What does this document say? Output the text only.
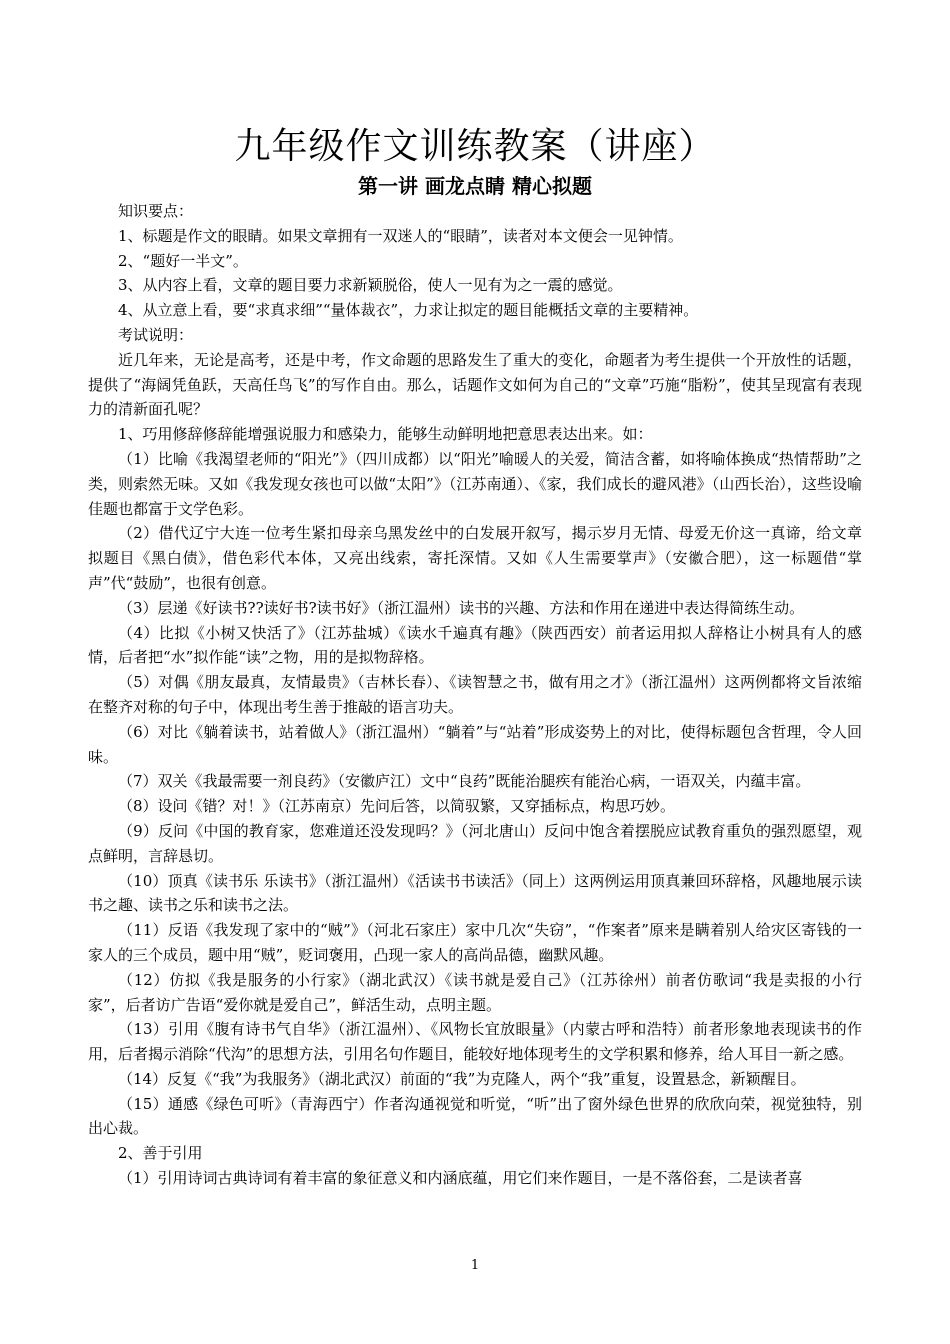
九年级作文训练教案（讲座）
第一讲 画龙点睛 精心拟题

知识要点：

1、标题是作文的眼睛。如果文章拥有一双迷人的“眼睛”，读者对本文便会一见钟情。

2、“题好一半文”。

3、从内容上看，文章的题目要力求新颖脱俗，使人一见有为之一震的感觉。

4、从立意上看，要“求真求细”“量体裁衣”，力求让拟定的题目能概括文章的主要精神。

考试说明：

近几年来，无论是高考，还是中考，作文命题的思路发生了重大的变化，命题者为考生提供一个开放性的话题，提供了“海阔凭鱼跃，天高任鸟飞”的写作自由。那么，话题作文如何为自己的“文章”巧施“脂粉”，使其呈现富有表现力的清新面孔呢？

1、巧用修辞修辞能增强说服力和感染力，能够生动鲜明地把意思表达出来。如：

（1）比喻《我渴望老师的“阳光”》（四川成都）以“阳光”喻暖人的关爱，简洁含蓄，如将喻体换成“热情帮助”之类，则索然无味。又如《我发现女孩也可以做“太阳”》（江苏南通）、《家，我们成长的避风港》（山西长治），这些设喻佳题也都富于文学色彩。

（2）借代辽宁大连一位考生紧扣母亲乌黑发丝中的白发展开叙写，揭示岁月无情、母爱无价这一真谛，给文章拟题目《黑白债》，借色彩代本体，又亮出线索，寄托深情。又如《人生需要掌声》（安徽合肥），这一标题借“掌声”代“鼓励”，也很有创意。

（3）层递《好读书??读好书?读书好》（浙江温州）读书的兴趣、方法和作用在递进中表达得简练生动。

（4）比拟《小树又快活了》（江苏盐城）《读水千遍真有趣》（陕西西安）前者运用拟人辞格让小树具有人的感情，后者把“水”拟作能“读”之物，用的是拟物辞格。

（5）对偶《朋友最真，友情最贵》（吉林长春）、《读智慧之书，做有用之才》（浙江温州）这两例都将文旨浓缩在整齐对称的句子中，体现出考生善于推敲的语言功夫。

（6）对比《躺着读书，站着做人》（浙江温州）“躺着”与“站着”形成姿势上的对比，使得标题包含哲理，令人回味。

（7）双关《我最需要一剂良药》（安徽庐江）文中“良药”既能治腿疾有能治心病，一语双关，内蕴丰富。

（8）设问《错？对！》（江苏南京）先问后答，以简驭繁，又穿插标点，构思巧妙。

（9）反问《中国的教育家，您难道还没发现吗？》（河北唐山）反问中饱含着摆脱应试教育重负的强烈愿望，观点鲜明，言辞恳切。

（10）顶真《读书乐 乐读书》（浙江温州）《活读书书读活》（同上）这两例运用顶真兼回环辞格，风趣地展示读书之趣、读书之乐和读书之法。

（11）反语《我发现了家中的“贼”》（河北石家庄）家中几次“失窃”，“作案者”原来是瞒着别人给灾区寄钱的一家人的三个成员，题中用“贼”，贬词褒用，凸现一家人的高尚品德，幽默风趣。

（12）仿拟《我是服务的小行家》（湖北武汉）《读书就是爱自己》（江苏徐州）前者仿歌词“我是卖报的小行家”，后者访广告语“爱你就是爱自己”，鲜活生动，点明主题。

（13）引用《腹有诗书气自华》（浙江温州）、《风物长宜放眼量》（内蒙古呼和浩特）前者形象地表现读书的作用，后者揭示消除“代沟”的思想方法，引用名句作题目，能较好地体现考生的文学积累和修养，给人耳目一新之感。

（14）反复《“我”为我服务》（湖北武汉）前面的“我”为克隆人，两个“我”重复，设置悬念，新颖醒目。

（15）通感《绿色可听》（青海西宁）作者沟通视觉和听觉，“听”出了窗外绿色世界的欣欣向荣，视觉独特，别出心裁。

2、善于引用

（1）引用诗词古典诗词有着丰富的象征意义和内涵底蕴，用它们来作题目，一是不落俗套，二是读者喜

1
